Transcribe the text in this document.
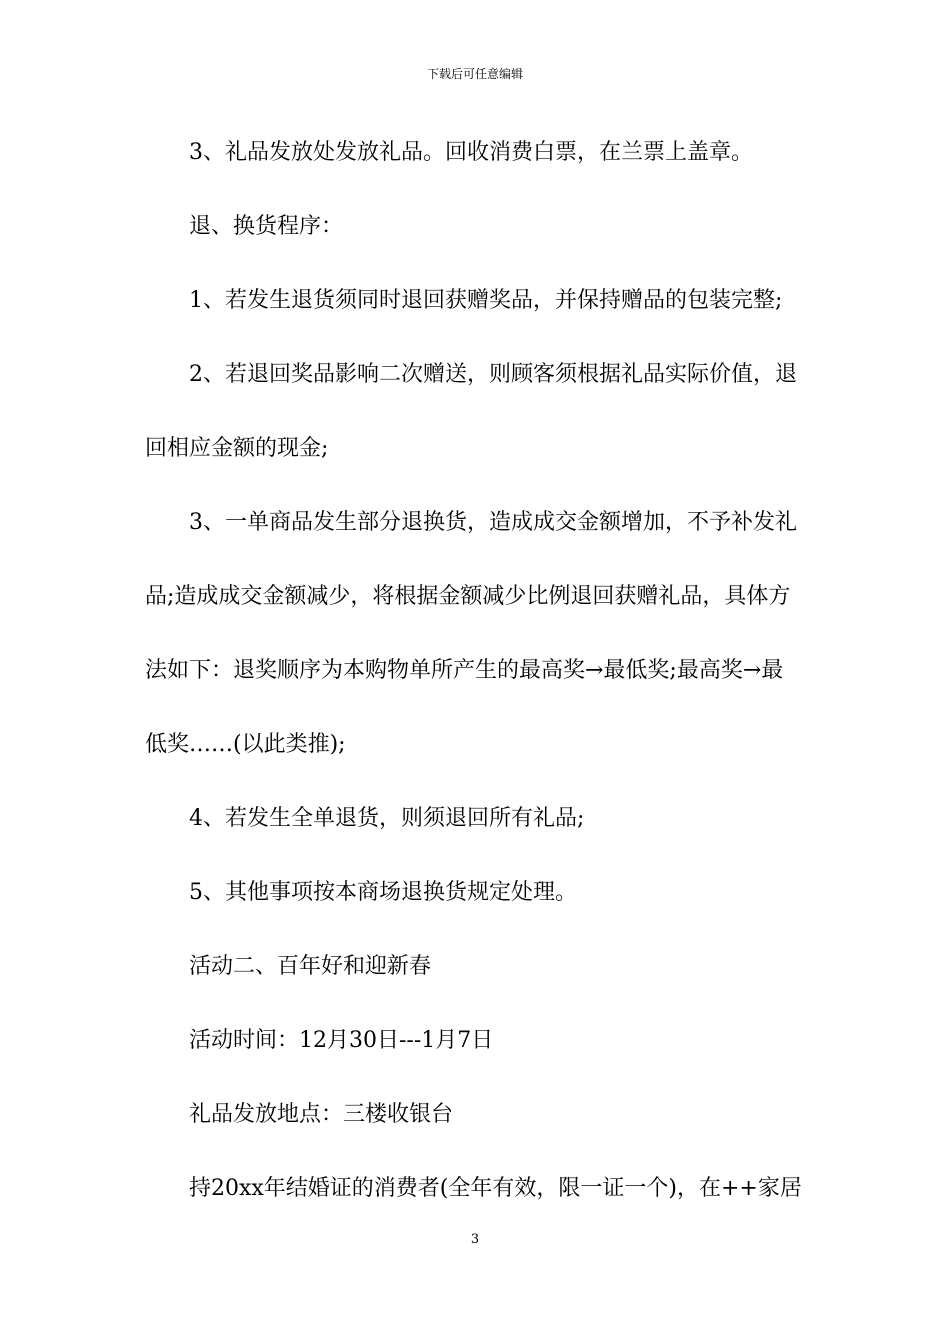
下载后可任意编辑
3、礼品发放处发放礼品。回收消费白票，在兰票上盖章。
退、换货程序：
1、若发生退货须同时退回获赠奖品，并保持赠品的包装完整;
2、若退回奖品影响二次赠送，则顾客须根据礼品实际价值，退
回相应金额的现金;
3、一单商品发生部分退换货，造成成交金额增加，不予补发礼
品;造成成交金额减少，将根据金额减少比例退回获赠礼品，具体方
法如下：退奖顺序为本购物单所产生的最高奖→最低奖;最高奖→最
低奖……(以此类推);
4、若发生全单退货，则须退回所有礼品;
5、其他事项按本商场退换货规定处理。
活动二、百年好和迎新春
活动时间：12月30日---1月7日
礼品发放地点：三楼收银台
持20xx年结婚证的消费者(全年有效，限一证一个)，在++家居
3
